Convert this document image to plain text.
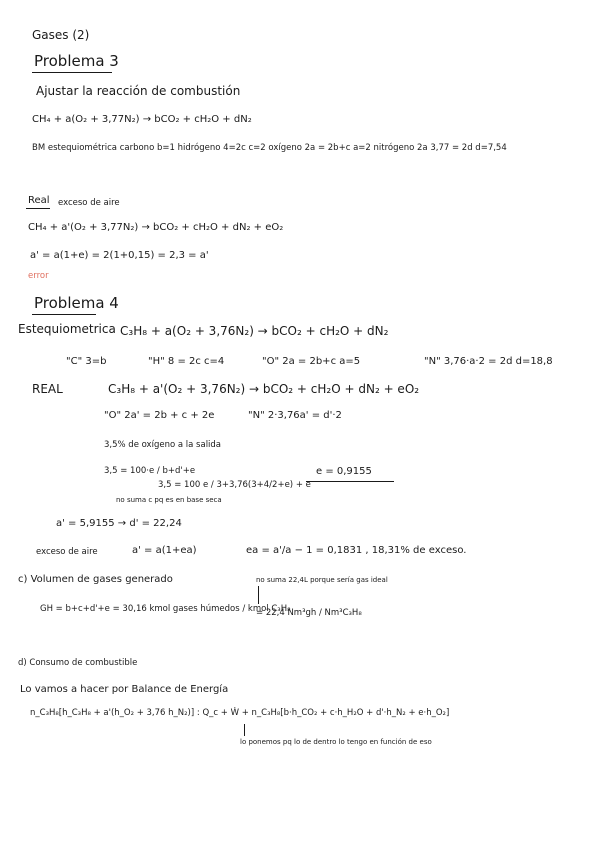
Gases (2)
Problema 3
Ajustar la reacción de combustión
CH₄ + a(O₂ + 3,77N₂) → bCO₂ + cH₂O + dN₂
BM estequiométrica carbono b=1 hidrógeno 4=2c c=2 oxígeno 2a = 2b+c a=2 nitrógeno 2a 3,77 = 2d d=7,54
Real exceso de aire
CH₄ + a'(O₂ + 3,77N₂) → bCO₂ + cH₂O + dN₂ + eO₂
a' = a(1+e) = 2(1+0,15) = 2,3 = a'
error
Problema 4
Estequiometrica C₃H₈ + a(O₂ + 3,76N₂) → bCO₂ + cH₂O + dN₂
"C" 3=b	"H" 8 = 2c c=4	"O" 2a = 2b+c a=5	"N" 3,76·a·2 = 2d d=18,8
REAL	C₃H₈ + a'(O₂ + 3,76N₂) → bCO₂ + cH₂O + dN₂ + eO₂
"O" 2a' = 2b + c + 2e	"N" 2·3,76a' = d'·2
3,5% de oxígeno a la salida
3,5 = 100·e / b+d'+e
3,5 = 100 e / 3+3,76(3+4/2+e) + e
e = 0,9155
no suma c pq es en base seca
a' = 5,9155 → d' = 22,24
exceso de aire	a' = a(1+ea)	ea = a'/a − 1 = 0,1831 , 18,31% de exceso.
c) Volumen de gases generado	no suma 22,4L porque sería gas ideal
GH = b+c+d'+e = 30,16 kmol gases húmedos / kmol C₃H₈
= 22,4 Nm³gh / Nm³C₃H₈
d) Consumo de combustible
Lo vamos a hacer por Balance de Energía
n_C₃H₈[h_C₃H₈ + a'(h_O₂ + 3,76 h_N₂)] : Q_c + Ẇ + n_C₃H₈[b·h_CO₂ + c·h_H₂O + d'·h_N₂ + e·h_O₂]
lo ponemos pq lo de dentro lo tengo en función de eso
